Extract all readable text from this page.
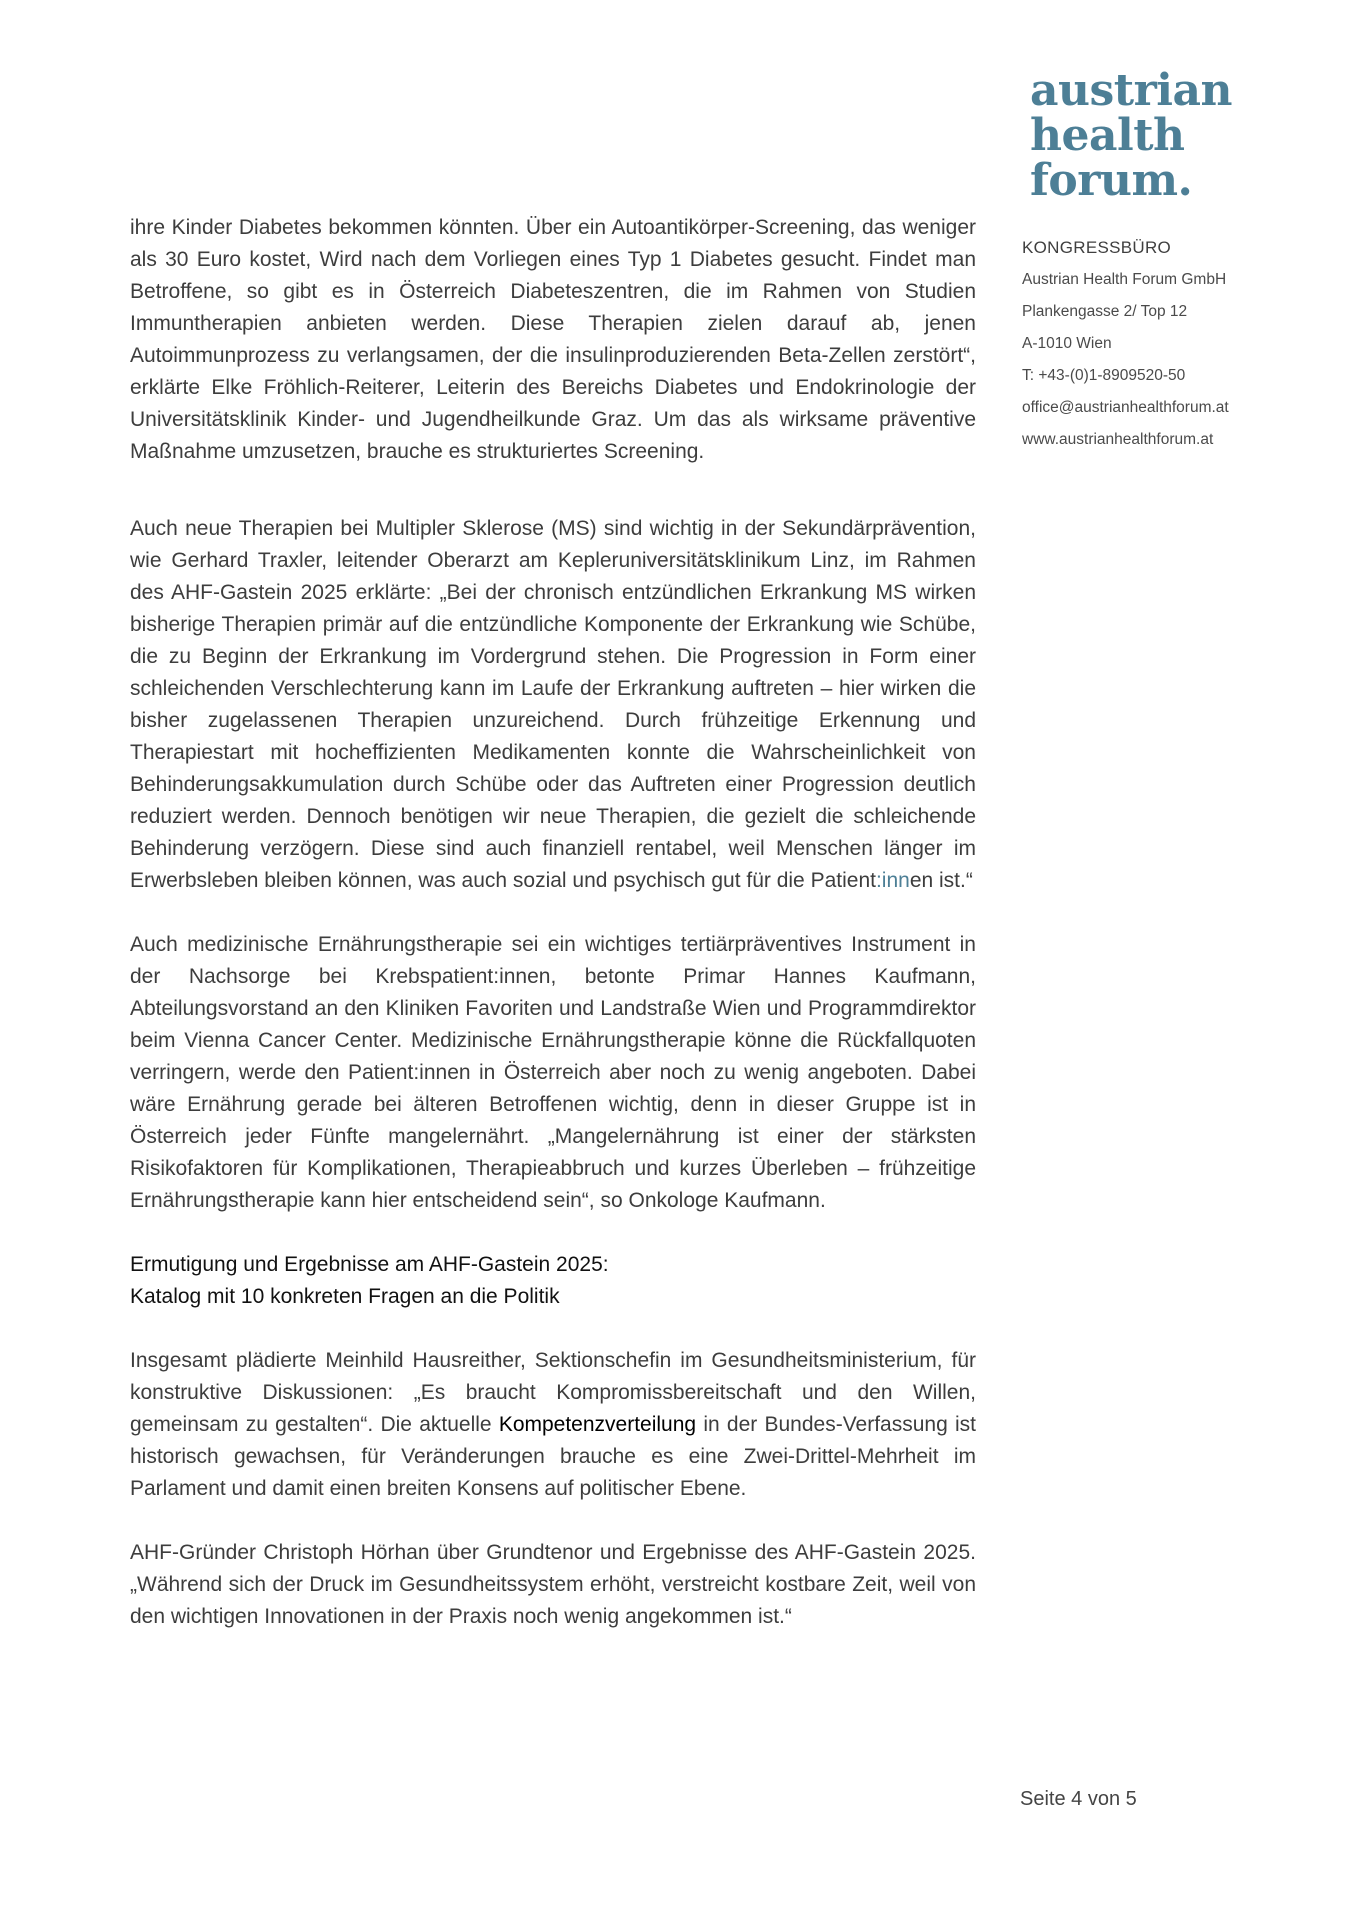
austrian
health
forum.
KONGRESSBÜRO
Austrian Health Forum GmbH
Plankengasse 2/ Top 12
A-1010 Wien
T: +43-(0)1-8909520-50
office@austrianhealthforum.at
www.austrianhealthforum.at

ihre Kinder Diabetes bekommen könnten. Über ein Autoantikörper-Screening, das weniger als 30 Euro kostet, Wird nach dem Vorliegen eines Typ 1 Diabetes gesucht. Findet man Betroffene, so gibt es in Österreich Diabeteszentren, die im Rahmen von Studien Immuntherapien anbieten werden. Diese Therapien zielen darauf ab, jenen Autoimmunprozess zu verlangsamen, der die insulinproduzierenden Beta-Zellen zerstört“, erklärte Elke Fröhlich-Reiterer, Leiterin des Bereichs Diabetes und Endokrinologie der Universitätsklinik Kinder- und Jugendheilkunde Graz. Um das als wirksame präventive Maßnahme umzusetzen, brauche es strukturiertes Screening.

Auch neue Therapien bei Multipler Sklerose (MS) sind wichtig in der Sekundärprävention, wie Gerhard Traxler, leitender Oberarzt am Kepleruniversitätsklinikum Linz, im Rahmen des AHF-Gastein 2025 erklärte: „Bei der chronisch entzündlichen Erkrankung MS wirken bisherige Therapien primär auf die entzündliche Komponente der Erkrankung wie Schübe, die zu Beginn der Erkrankung im Vordergrund stehen. Die Progression in Form einer schleichenden Verschlechterung kann im Laufe der Erkrankung auftreten – hier wirken die bisher zugelassenen Therapien unzureichend. Durch frühzeitige Erkennung und Therapiestart mit hocheffizienten Medikamenten konnte die Wahrscheinlichkeit von Behinderungsakkumulation durch Schübe oder das Auftreten einer Progression deutlich reduziert werden. Dennoch benötigen wir neue Therapien, die gezielt die schleichende Behinderung verzögern. Diese sind auch finanziell rentabel, weil Menschen länger im Erwerbsleben bleiben können, was auch sozial und psychisch gut für die Patient:innen ist.“

Auch medizinische Ernährungstherapie sei ein wichtiges tertiärpräventives Instrument in der Nachsorge bei Krebspatient:innen, betonte Primar Hannes Kaufmann, Abteilungsvorstand an den Kliniken Favoriten und Landstraße Wien und Programmdirektor beim Vienna Cancer Center. Medizinische Ernährungstherapie könne die Rückfallquoten verringern, werde den Patient:innen in Österreich aber noch zu wenig angeboten. Dabei wäre Ernährung gerade bei älteren Betroffenen wichtig, denn in dieser Gruppe ist in Österreich jeder Fünfte mangelernährt. „Mangelernährung ist einer der stärksten Risikofaktoren für Komplikationen, Therapieabbruch und kurzes Überleben – frühzeitige Ernährungstherapie kann hier entscheidend sein“, so Onkologe Kaufmann.

Ermutigung und Ergebnisse am AHF-Gastein 2025:
Katalog mit 10 konkreten Fragen an die Politik

Insgesamt plädierte Meinhild Hausreither, Sektionschefin im Gesundheitsministerium, für konstruktive Diskussionen: „Es braucht Kompromissbereitschaft und den Willen, gemeinsam zu gestalten“. Die aktuelle Kompetenzverteilung in der Bundes-Verfassung ist historisch gewachsen, für Veränderungen brauche es eine Zwei-Drittel-Mehrheit im Parlament und damit einen breiten Konsens auf politischer Ebene.

AHF-Gründer Christoph Hörhan über Grundtenor und Ergebnisse des AHF-Gastein 2025. „Während sich der Druck im Gesundheitssystem erhöht, verstreicht kostbare Zeit, weil von den wichtigen Innovationen in der Praxis noch wenig angekommen ist.“

Seite 4 von 5
